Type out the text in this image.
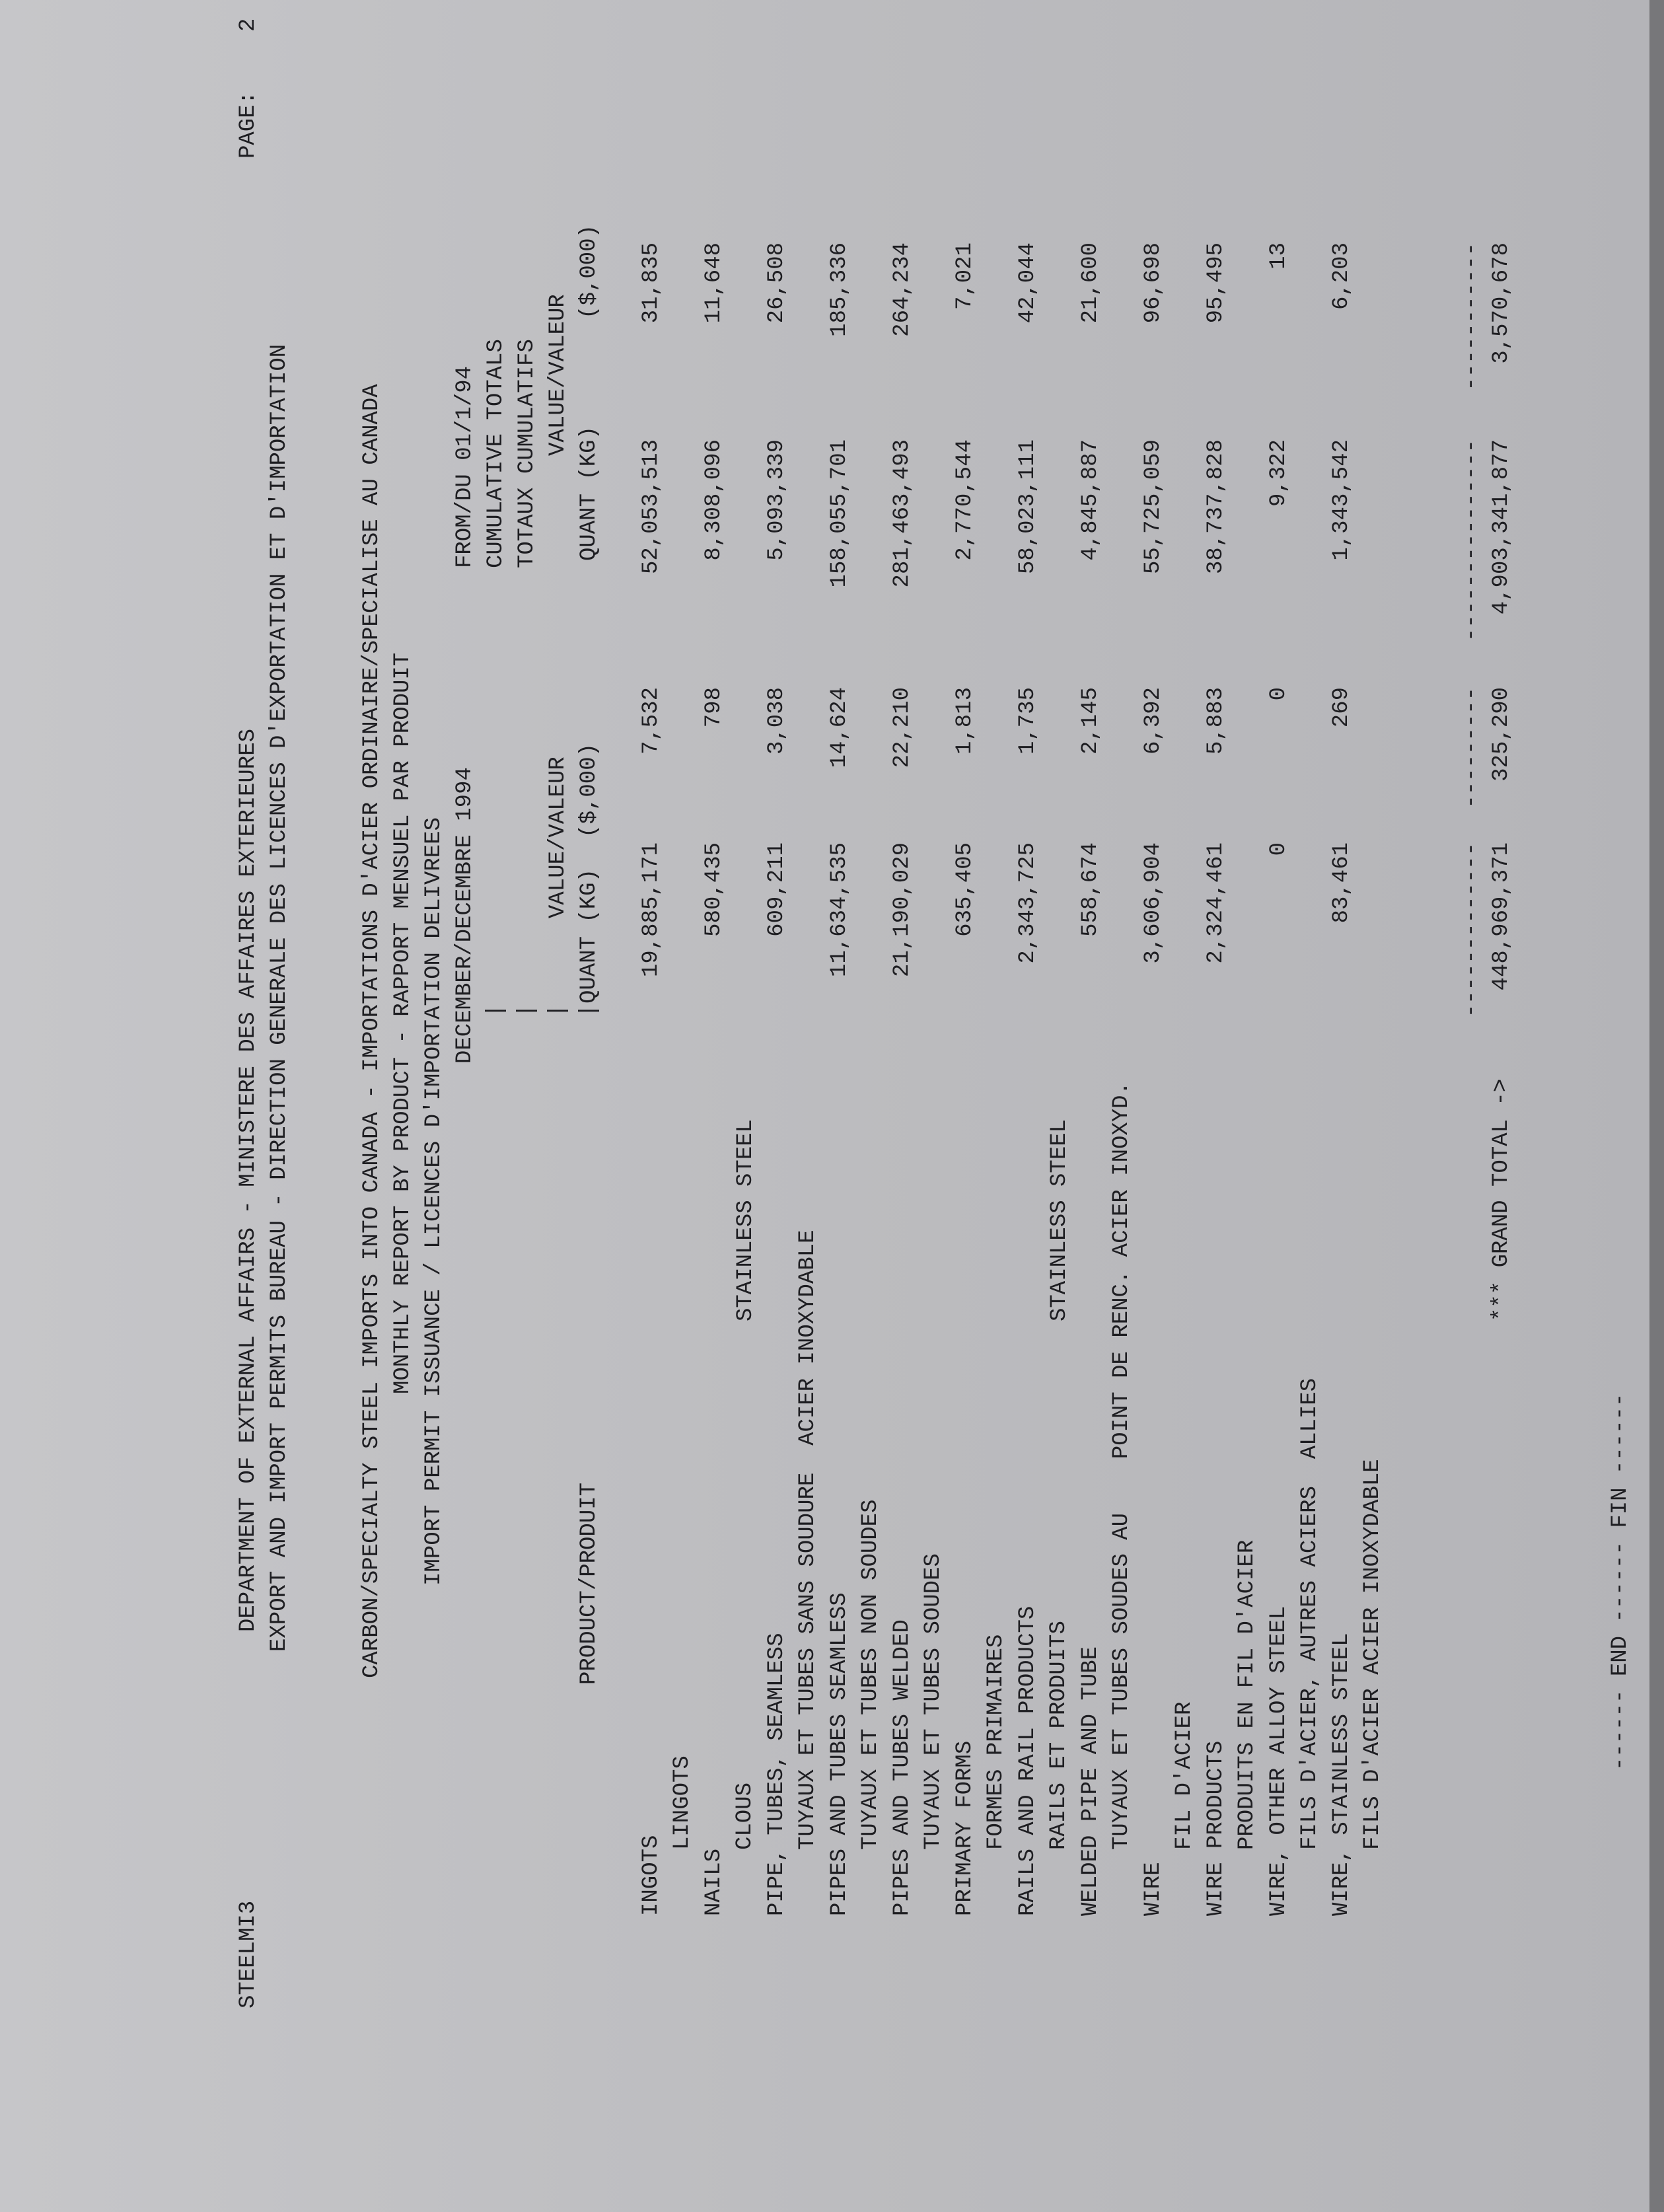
STEELMI3
DEPARTMENT OF EXTERNAL AFFAIRS - MINISTERE DES AFFAIRES EXTERIEURES
PAGE:
2
EXPORT AND IMPORT PERMITS BUREAU - DIRECTION GENERALE DES LICENCES D'EXPORTATION ET D'IMPORTATION	CARBON/SPECIALTY STEEL IMPORTS INTO CANADA - IMPORTATIONS D'ACIER ORDINAIRE/SPECIALISE AU CANADA MONTHLY REPORT BY PRODUCT - RAPPORT MENSUEL PAR PRODUIT IMPORT PERMIT ISSUANCE / LICENCES D'IMPORTATION DELIVREES DECEMBER/DECEMBRE 1994
FROM/DU 01/1/94 CUMULATIVE TOTALS TOTAUX CUMULATIFS
VALUE/VALEUR
VALUE/VALEUR
| | | |
PRODUCT/PRODUIT
QUANT (KG)
($,000)
QUANT (KG)
($,000)
INGOTS
LINGOTS
19,885,171
7,532
52,053,513
31,835
NAILS
CLOUS
580,435
798
8,308,096
11,648
PIPE, TUBES, SEAMLESS
STAINLESS STEEL
TUYAUX ET TUBES SANS SOUDURE  ACIER INOXYDABLE
609,211
3,038
5,093,339
26,508
PIPES AND TUBES SEAMLESS TUYAUX ET TUBES NON SOUDES
11,634,535
14,624
158,055,701
185,336
PIPES AND TUBES WELDED TUYAUX ET TUBES SOUDES
21,190,029
22,210
281,463,493
264,234
PRIMARY FORMS FORMES PRIMAIRES
635,405
1,813
2,770,544
7,021
RAILS AND RAIL PRODUCTS RAILS ET PRODUITS
2,343,725
1,735
58,023,111
42,044
WELDED PIPE AND TUBE
STAINLESS STEEL TUYAUX ET TUBES SOUDES AU    POINT DE RENC. ACIER INOXYD.
558,674
2,145
4,845,887
21,600
WIRE
FIL D'ACIER
3,606,904
6,392
55,725,059
96,698
WIRE PRODUCTS PRODUITS EN FIL D'ACIER
2,324,461
5,883
38,737,828
95,495
WIRE, OTHER ALLOY STEEL FILS D'ACIER, AUTRES ACIERS  ALLIES
0
0
9,322
13
WIRE, STAINLESS STEEL FILS D'ACIER ACIER INOXYDABLE
83,461
269
1,343,542
6,203
-------------
---------
---------------
-----------
*** GRAND TOTAL ->
448,969,371
325,290
4,903,341,877
3,570,678
------ END ------ FIN ------
